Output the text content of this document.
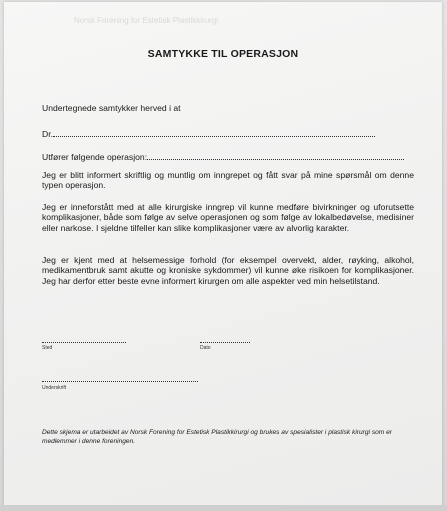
Norsk Forening for Estetisk Plastikkirurgi
SAMTYKKE TIL OPERASJON
Undertegnede samtykker herved i at
Dr.
Utfører følgende operasjon:
Jeg er blitt informert skriftlig og muntlig om inngrepet og fått svar på mine spørsmål om denne typen operasjon.
Jeg er inneforstått med at alle kirurgiske inngrep vil kunne medføre bivirkninger og uforutsette komplikasjoner, både som følge av selve operasjonen og som følge av lokalbedøvelse, medisiner eller narkose. I sjeldne tilfeller kan slike komplikasjoner være av alvorlig karakter.
Jeg er kjent med at helsemessige forhold (for eksempel overvekt, alder, røyking, alkohol, medikamentbruk samt akutte og kroniske sykdommer) vil kunne øke risikoen for komplikasjoner. Jeg har derfor etter beste evne informert kirurgen om alle aspekter ved min helsetilstand.
Sted	Dato
Underskrift
Dette skjema er utarbeidet av Norsk Forening for Estetisk Plastikkirurgi og brukes av spesialister i plastisk kirurgi som er medlemmer i denne foreningen.
